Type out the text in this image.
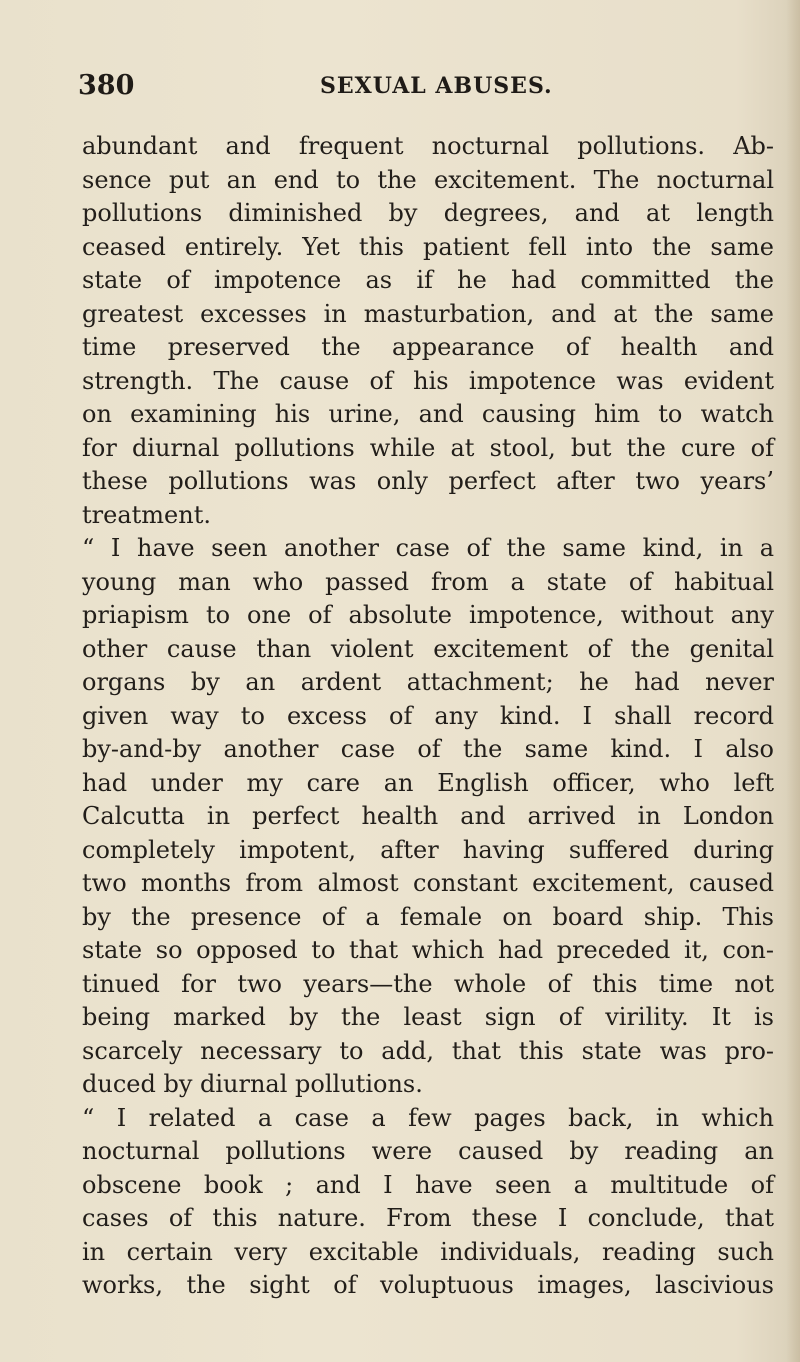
380	SEXUAL ABUSES.
abundant and frequent nocturnal pollutions. Ab-
sence put an end to the excitement. The nocturnal
pollutions diminished by degrees, and at length
ceased entirely. Yet this patient fell into the same
state of impotence as if he had committed the
greatest excesses in masturbation, and at the same
time preserved the appearance of health and
strength. The cause of his impotence was evident
on examining his urine, and causing him to watch
for diurnal pollutions while at stool, but the cure of
these pollutions was only perfect after two years’
treatment.
“ I have seen another case of the same kind, in a
young man who passed from a state of habitual
priapism to one of absolute impotence, without any
other cause than violent excitement of the genital
organs by an ardent attachment; he had never
given way to excess of any kind. I shall record
by-and-by another case of the same kind. I also
had under my care an English officer, who left
Calcutta in perfect health and arrived in London
completely impotent, after having suffered during
two months from almost constant excitement, caused
by the presence of a female on board ship. This
state so opposed to that which had preceded it, con-
tinued for two years—the whole of this time not
being marked by the least sign of virility. It is
scarcely necessary to add, that this state was pro-
duced by diurnal pollutions.
“ I related a case a few pages back, in which
nocturnal pollutions were caused by reading an
obscene book ; and I have seen a multitude of
cases of this nature. From these I conclude, that
in certain very excitable individuals, reading such
works, the sight of voluptuous images, lascivious
